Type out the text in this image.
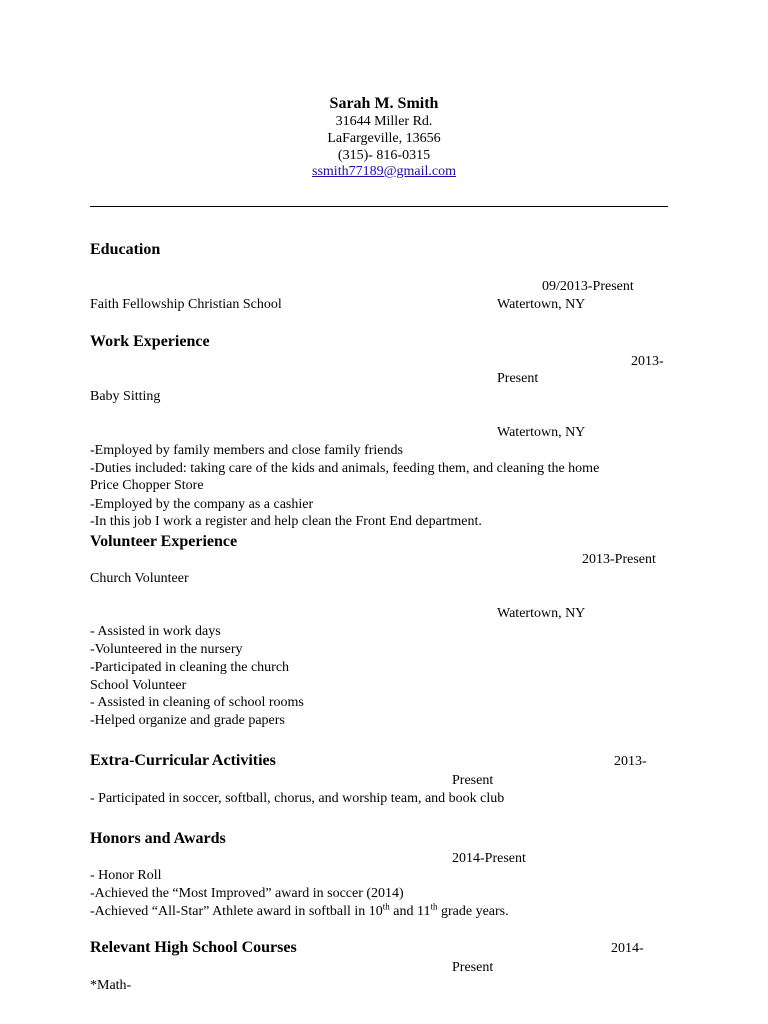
Sarah M. Smith
31644 Miller Rd.
LaFargeville, 13656
(315)- 816-0315
ssmith77189@gmail.com
Education
09/2013-Present
Faith Fellowship Christian School	Watertown, NY
Work Experience
2013-
Present
Baby Sitting
Watertown, NY
-Employed by family members and close family friends
-Duties included: taking care of the kids and animals, feeding them, and cleaning the home
Price Chopper Store
-Employed by the company as a cashier
-In this job I work a register and help clean the Front End department.
Volunteer Experience
2013-Present
Church Volunteer
Watertown, NY
- Assisted in work days
-Volunteered in the nursery
-Participated in cleaning the church
School Volunteer
- Assisted in cleaning of school rooms
-Helped organize and grade papers
Extra-Curricular Activities	2013-
Present
- Participated in soccer, softball, chorus, and worship team, and book club
Honors and Awards
2014-Present
- Honor Roll
-Achieved the “Most Improved” award in soccer (2014)
-Achieved “All-Star” Athlete award in softball in 10th and 11th grade years.
Relevant High School Courses	2014-
Present
*Math-
